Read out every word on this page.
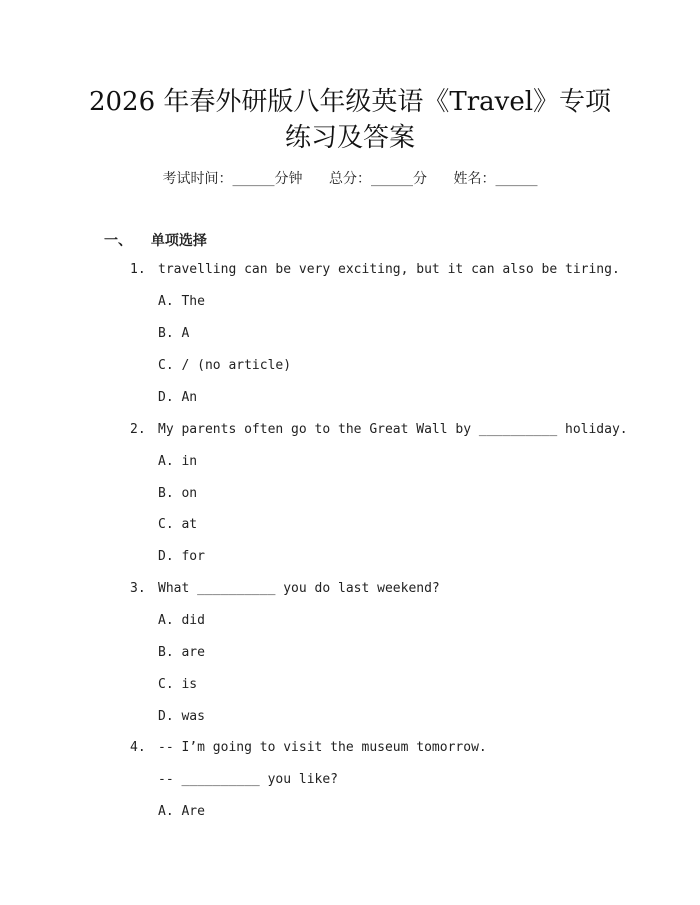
2026 年春外研版八年级英语《Travel》专项
练习及答案
考试时间：______分钟 总分：______分 姓名：______
一、 单项选择
1. travelling can be very exciting, but it can also be tiring.
A. The
B. A
C. / (no article)
D. An
2. My parents often go to the Great Wall by __________ holiday.
A. in
B. on
C. at
D. for
3. What __________ you do last weekend?
A. did
B. are
C. is
D. was
4. -- I’m going to visit the museum tomorrow.
-- __________ you like?
A. Are
